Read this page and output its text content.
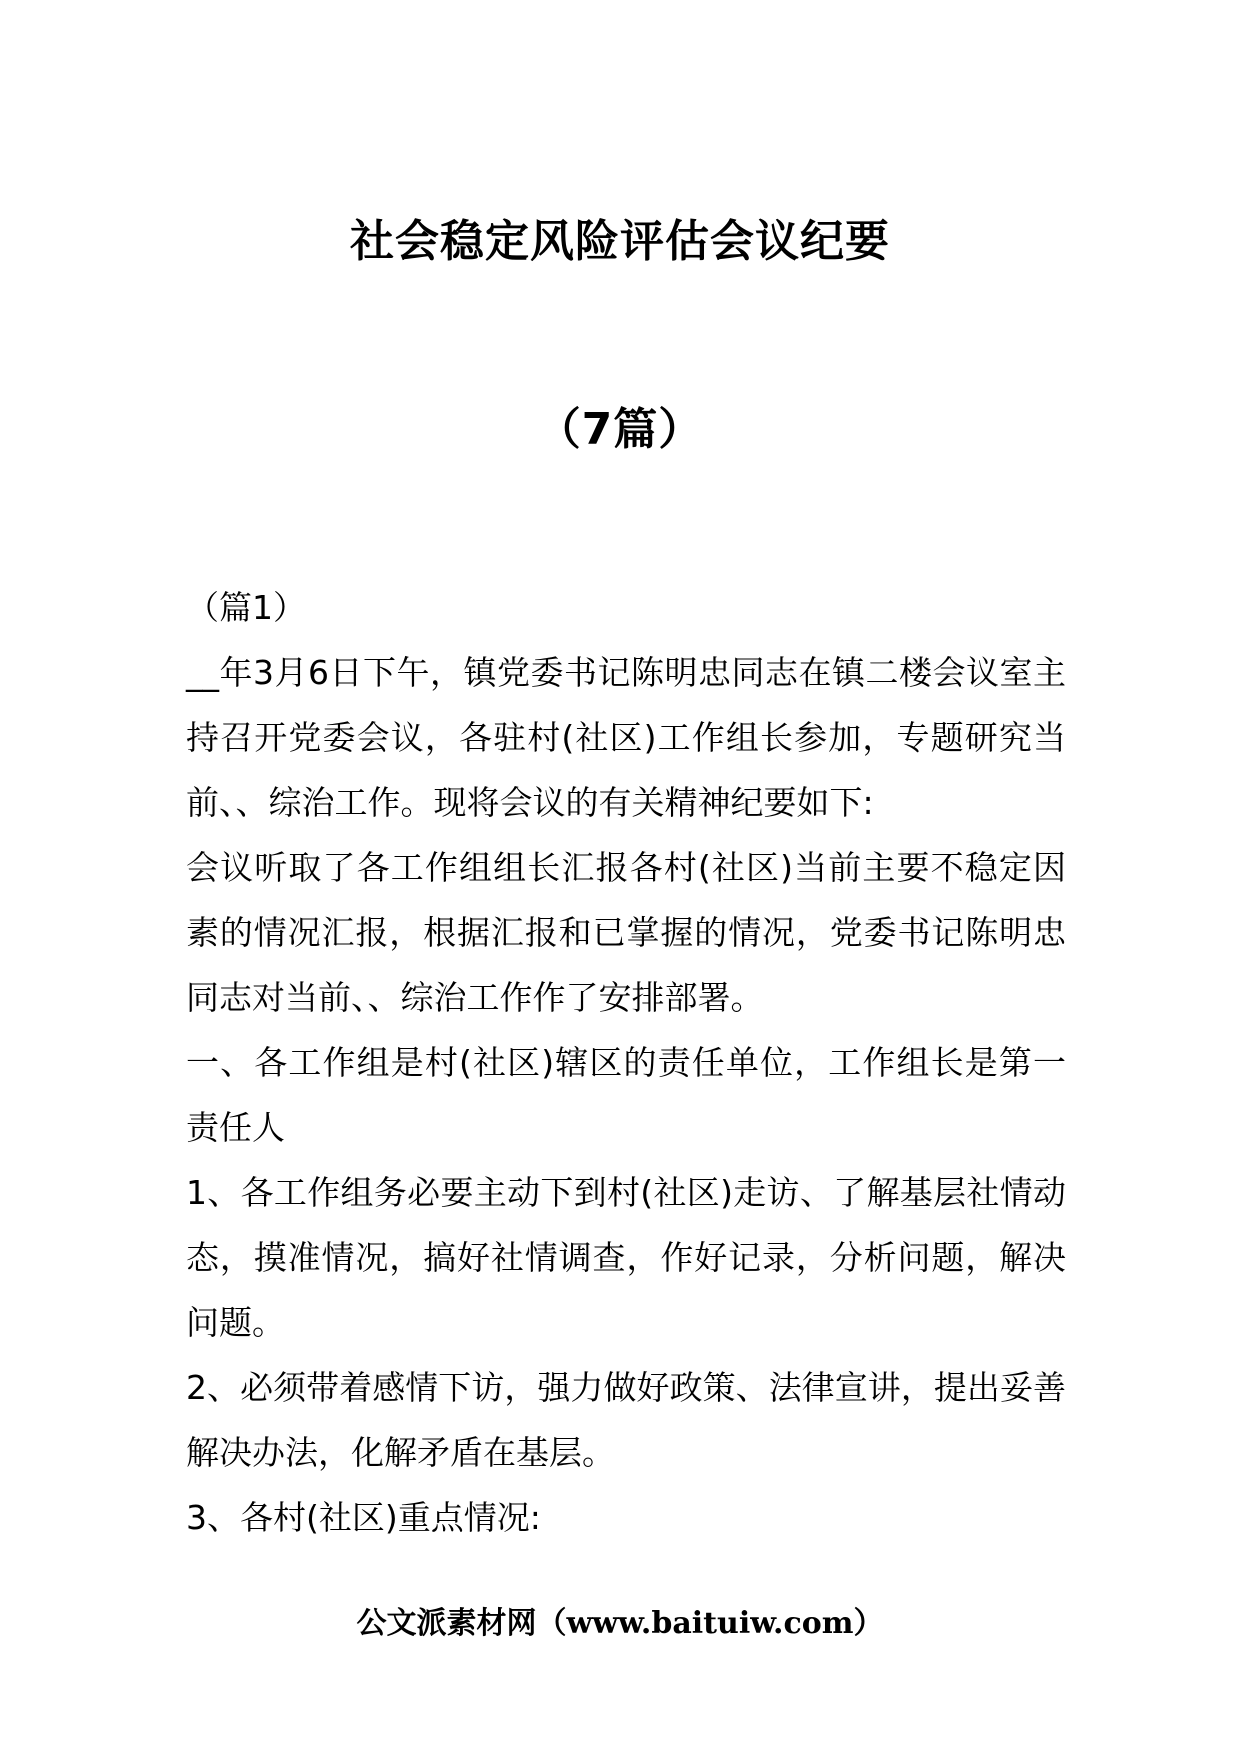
社会稳定风险评估会议纪要
（7篇）

（篇1）

__年3月6日下午，镇党委书记陈明忠同志在镇二楼会议室主持召开党委会议，各驻村(社区)工作组长参加，专题研究当前、、综治工作。现将会议的有关精神纪要如下:

会议听取了各工作组组长汇报各村(社区)当前主要不稳定因素的情况汇报，根据汇报和已掌握的情况，党委书记陈明忠同志对当前、、综治工作作了安排部署。

一、各工作组是村(社区)辖区的责任单位，工作组长是第一责任人

1、各工作组务必要主动下到村(社区)走访、了解基层社情动态，摸准情况，搞好社情调查，作好记录，分析问题，解决问题。

2、必须带着感情下访，强力做好政策、法律宣讲，提出妥善解决办法，化解矛盾在基层。

3、各村(社区)重点情况:

公文派素材网（www.baituiw.com）
